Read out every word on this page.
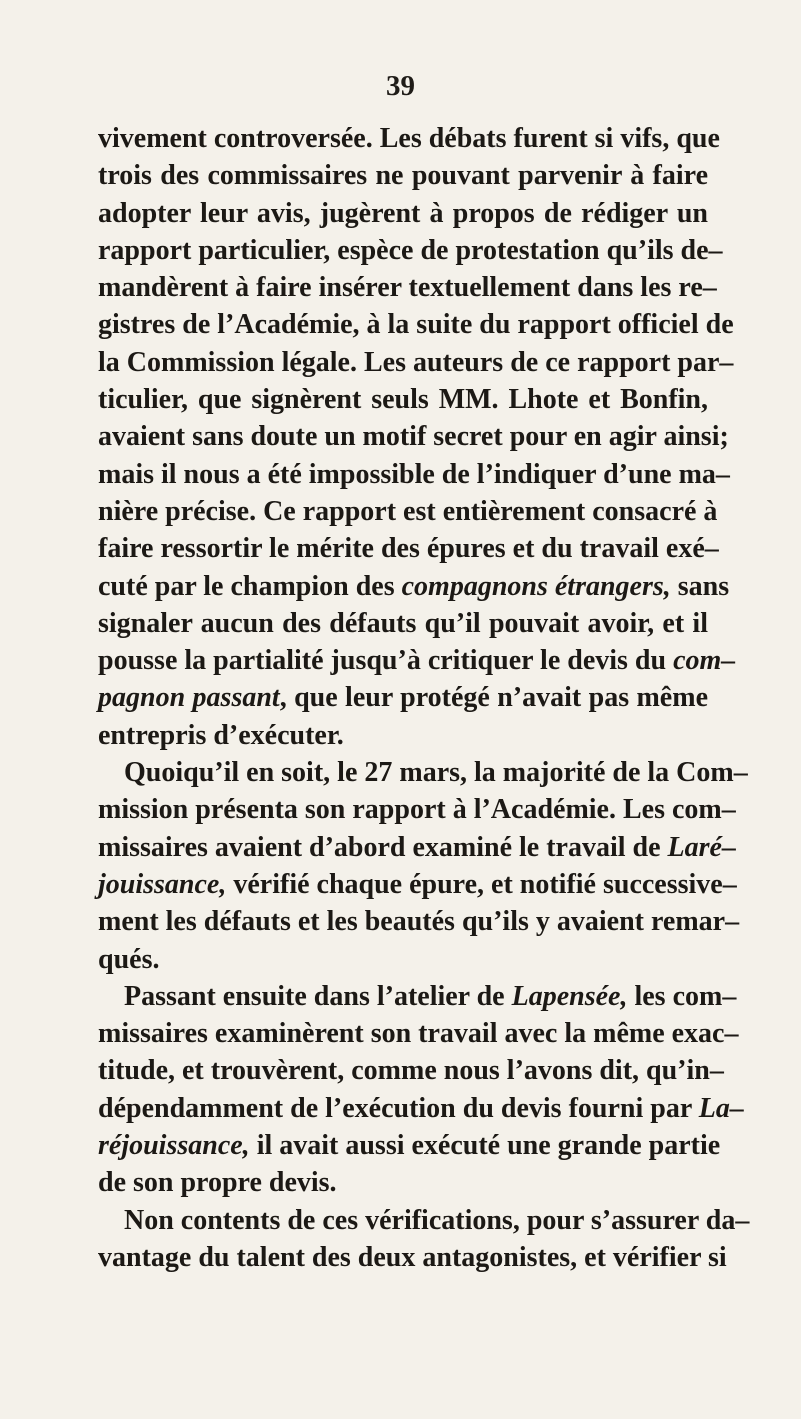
39
vivement controversée. Les débats furent si vifs, que
trois des commissaires ne pouvant parvenir à faire
adopter leur avis, jugèrent à propos de rédiger un
rapport particulier, espèce de protestation qu’ils de–
mandèrent à faire insérer textuellement dans les re–
gistres de l’Académie, à la suite du rapport officiel de
la Commission légale. Les auteurs de ce rapport par–
ticulier, que signèrent seuls MM. Lhote et Bonfin,
avaient sans doute un motif secret pour en agir ainsi;
mais il nous a été impossible de l’indiquer d’une ma–
nière précise. Ce rapport est entièrement consacré à
faire ressortir le mérite des épures et du travail exé–
cuté par le champion des compagnons étrangers, sans
signaler aucun des défauts qu’il pouvait avoir, et il
pousse la partialité jusqu’à critiquer le devis du com–
pagnon passant, que leur protégé n’avait pas même
entrepris d’exécuter.
Quoiqu’il en soit, le 27 mars, la majorité de la Com–
mission présenta son rapport à l’Académie. Les com–
missaires avaient d’abord examiné le travail de Laré–
jouissance, vérifié chaque épure, et notifié successive–
ment les défauts et les beautés qu’ils y avaient remar–
qués.
Passant ensuite dans l’atelier de Lapensée, les com–
missaires examinèrent son travail avec la même exac–
titude, et trouvèrent, comme nous l’avons dit, qu’in–
dépendamment de l’exécution du devis fourni par La–
réjouissance, il avait aussi exécuté une grande partie
de son propre devis.
Non contents de ces vérifications, pour s’assurer da–
vantage du talent des deux antagonistes, et vérifier si
